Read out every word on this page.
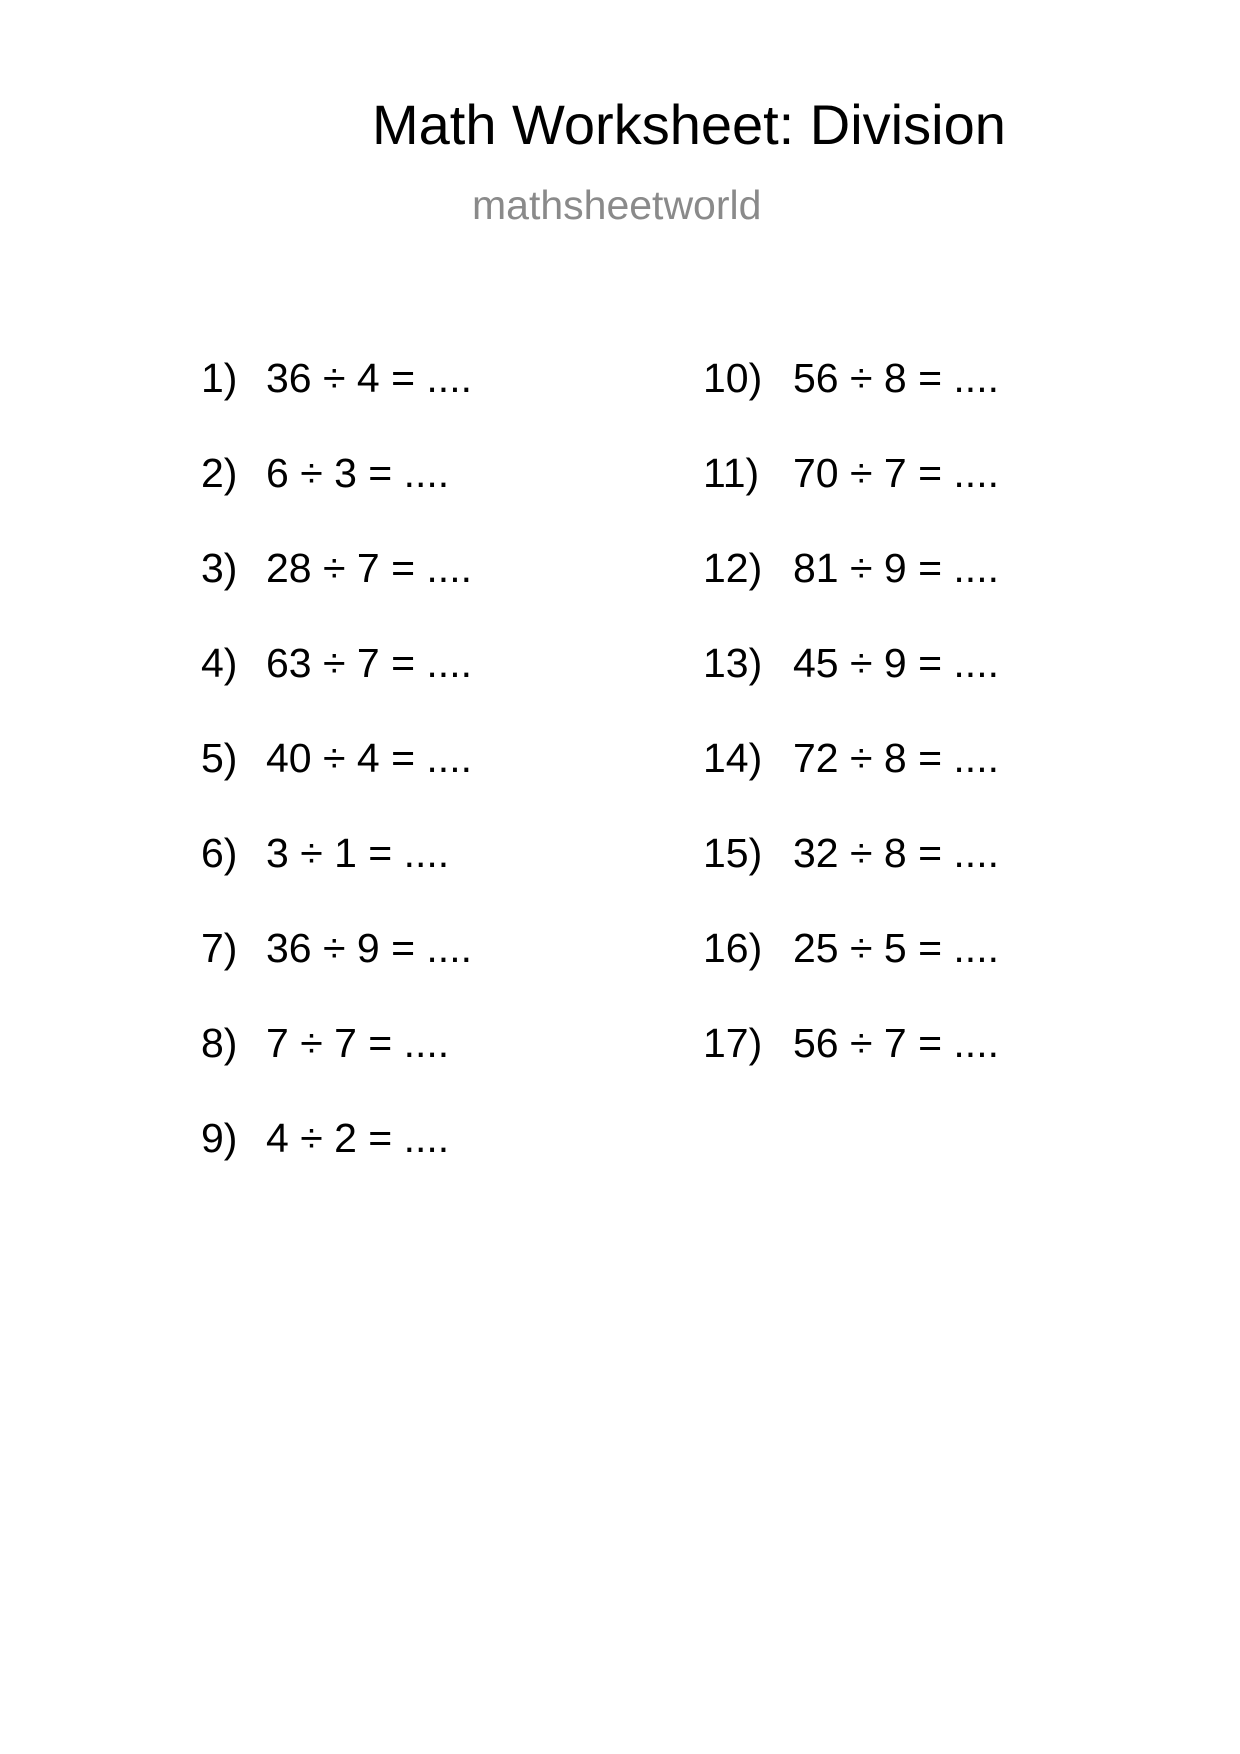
Math Worksheet: Division
mathsheetworld
1) 36 ÷ 4 = ....
2) 6 ÷ 3 = ....
3) 28 ÷ 7 = ....
4) 63 ÷ 7 = ....
5) 40 ÷ 4 = ....
6) 3 ÷ 1 = ....
7) 36 ÷ 9 = ....
8) 7 ÷ 7 = ....
9) 4 ÷ 2 = ....
10) 56 ÷ 8 = ....
11) 70 ÷ 7 = ....
12) 81 ÷ 9 = ....
13) 45 ÷ 9 = ....
14) 72 ÷ 8 = ....
15) 32 ÷ 8 = ....
16) 25 ÷ 5 = ....
17) 56 ÷ 7 = ....
